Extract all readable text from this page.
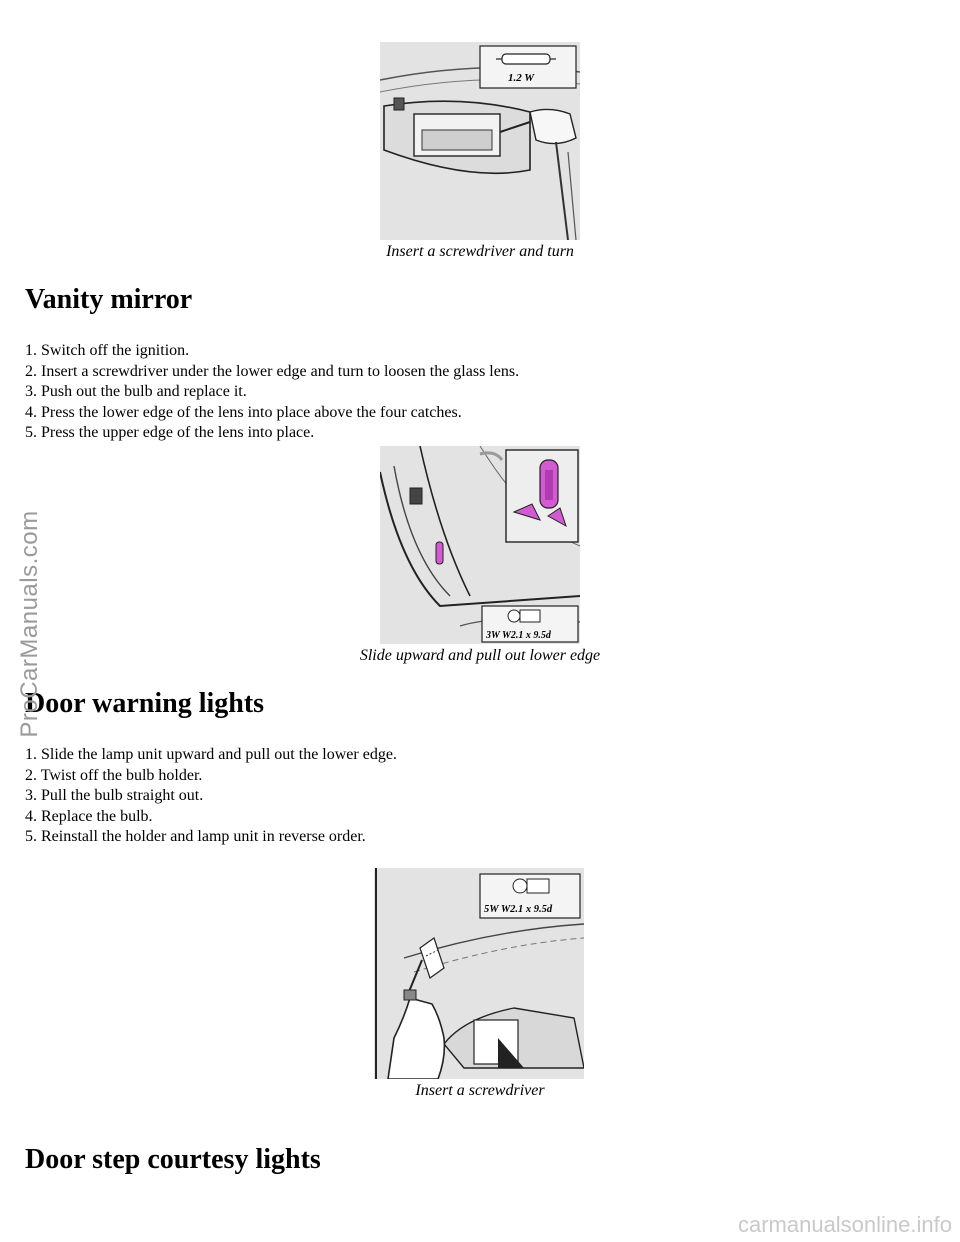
1.2 W
Insert a screwdriver and turn
Vanity mirror
1. Switch off the ignition.
2. Insert a screwdriver under the lower edge and turn to loosen the glass lens.
3. Push out the bulb and replace it.
4. Press the lower edge of the lens into place above the four catches.
5. Press the upper edge of the lens into place.
3W W2.1 x 9.5d
Slide upward and pull out lower edge
Door warning lights
1. Slide the lamp unit upward and pull out the lower edge.
2. Twist off the bulb holder.
3. Pull the bulb straight out.
4. Replace the bulb.
5. Reinstall the holder and lamp unit in reverse order.
5W W2.1 x 9.5d
Insert a screwdriver
Door step courtesy lights
ProCarManuals.com
carmanualsonline.info
